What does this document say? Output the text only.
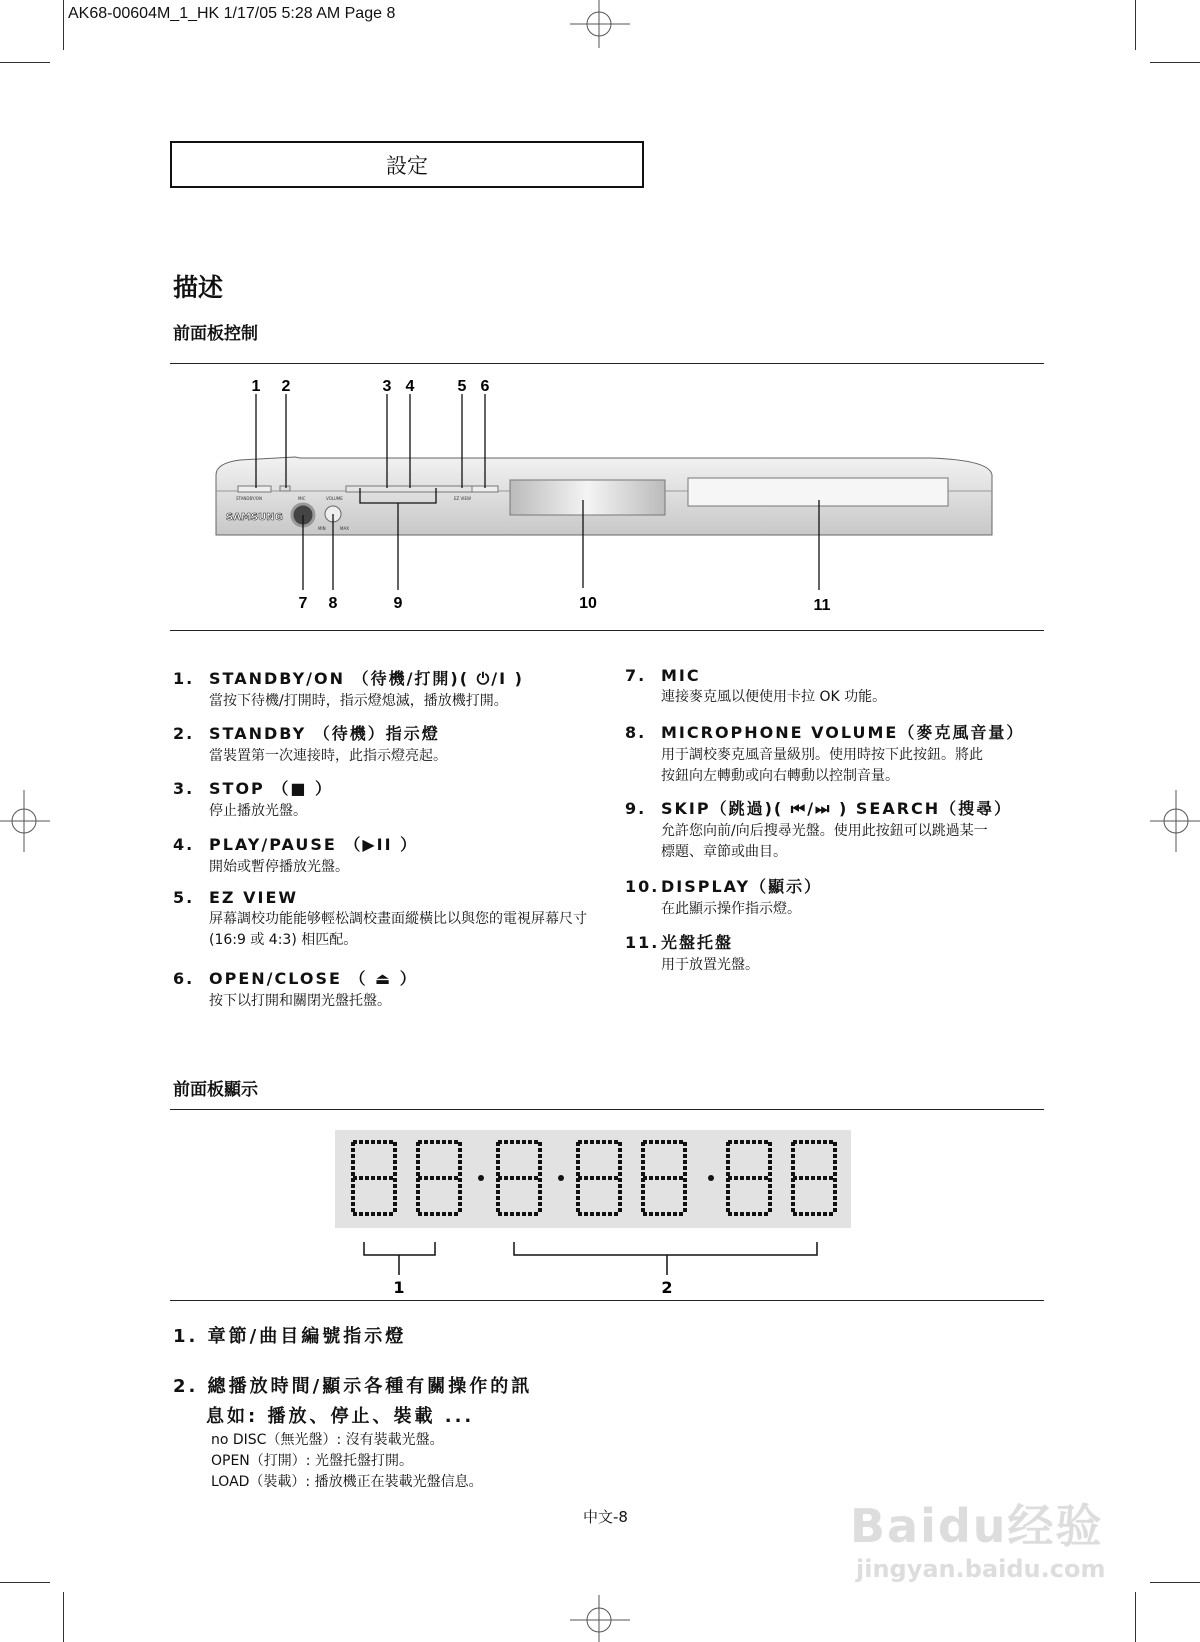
AK68-00604M_1_HK 1/17/05 5:28 AM Page 8
設定
描述
前面板控制
SAMSUNG
1 2	3 4	5 6
7 8	9	10	11
STANDBY/ON	MIC	VOLUME
MIN	MAX
EZ VIEW
1. STANDBY/ON （待機/打開)( ⏻/I )
當按下待機/打開時，指示燈熄滅，播放機打開。
2. STANDBY （待機）指示燈
當裝置第一次連接時，此指示燈亮起。
3. STOP （■ ）
停止播放光盤。
4. PLAY/PAUSE （▶II ）
開始或暫停播放光盤。
5. EZ VIEW
屏幕調校功能能够輕松調校畫面縱橫比以與您的電視屏幕尺寸 (16:9 或 4:3) 相匹配。
6. OPEN/CLOSE （ ⏏ ）
按下以打開和關閉光盤托盤。
7. MIC
連接麥克風以便使用卡拉 OK 功能。
8. MICROPHONE VOLUME（麥克風音量）
用于調校麥克風音量級別。使用時按下此按鈕。將此按鈕向左轉動或向右轉動以控制音量。
9. SKIP（跳過)( ⏮/⏭ ) SEARCH（搜尋）
允許您向前/向后搜尋光盤。使用此按鈕可以跳過某一標題、章節或曲目。
10. DISPLAY（顯示）
在此顯示操作指示燈。
11. 光盤托盤
用于放置光盤。
前面板顯示
1	2
1. 章節/曲目編號指示燈
2. 總播放時間/顯示各種有關操作的訊
息如: 播放、停止、裝載 ...
no DISC（無光盤）: 沒有裝載光盤。
OPEN（打開）: 光盤托盤打開。
LOAD（裝載）: 播放機正在裝載光盤信息。
中文-8	Baidu经验
jingyan.baidu.com
